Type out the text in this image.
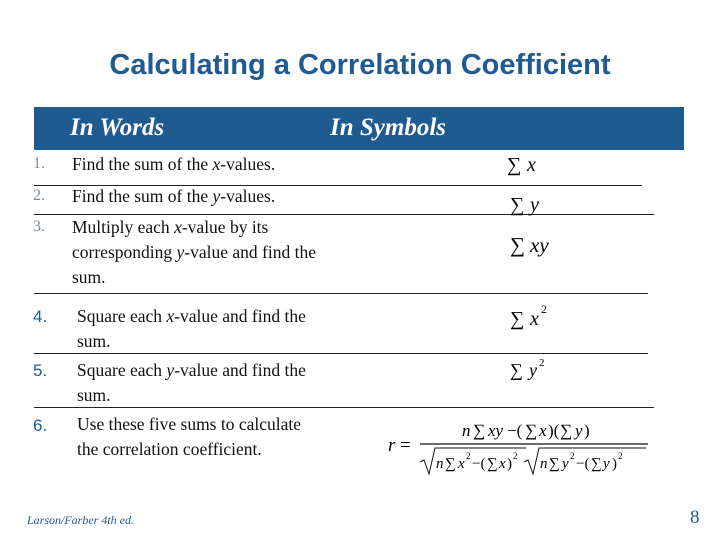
Calculating a Correlation Coefficient
In Words	In Symbols
1. Find the sum of the x-values.
2. Find the sum of the y-values.
3. Multiply each x-value by its
corresponding y-value and find the
sum.
4. Square each x-value and find the
sum.
5. Square each y-value and find the
sum.
6. Use these five sums to calculate
the correlation coefficient.
∑ x
∑ y
∑ xy
∑ x 2
∑ y 2
r =
n ∑ xy −( ∑ x )( ∑ y )
n ∑ x 2 −( ∑ x ) 2 n ∑ y 2 −( ∑ y ) 2
Larson/Farber 4th ed.	8
